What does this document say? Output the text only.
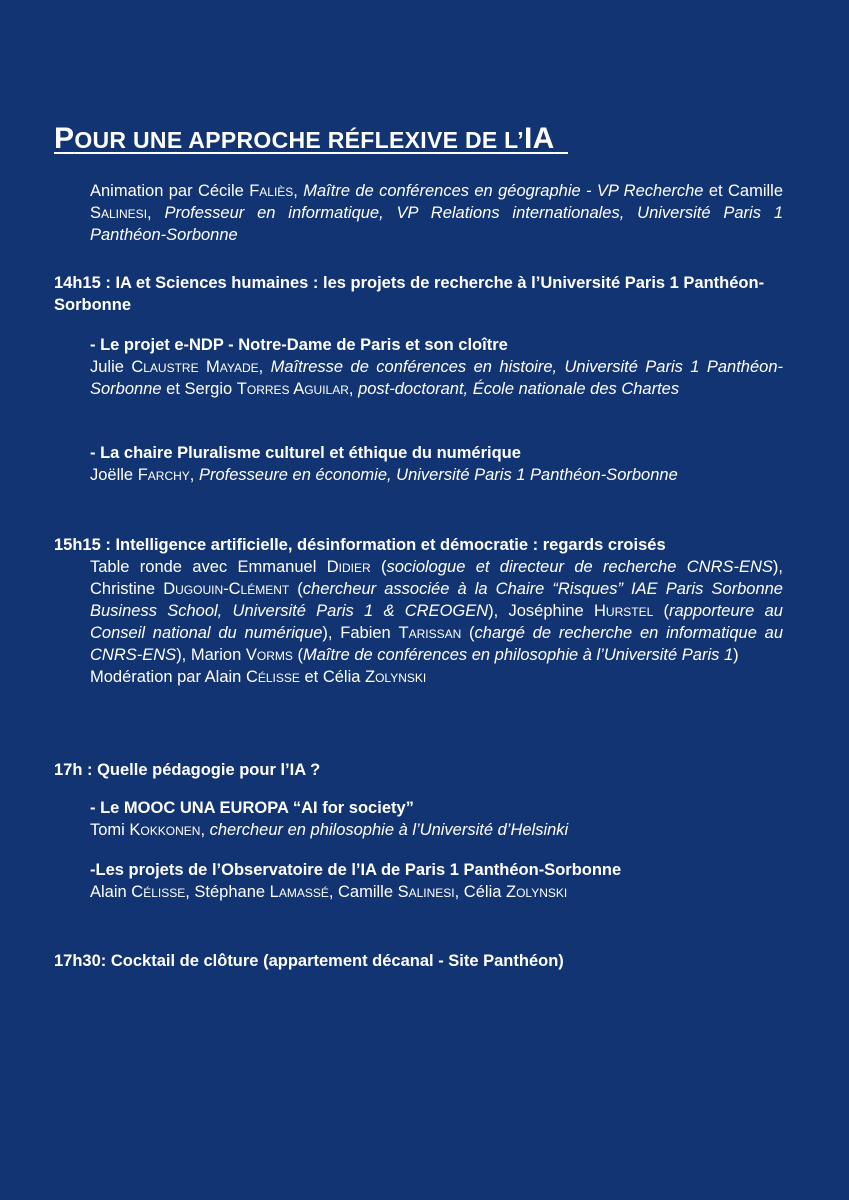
POUR UNE APPROCHE RÉFLEXIVE DE L’IA
Animation par Cécile Faliès, Maître de conférences en géographie - VP Recherche et Camille Salinesi, Professeur en informatique, VP Relations internationales, Université Paris 1 Panthéon-Sorbonne
14h15 : IA et Sciences humaines : les projets de recherche à l’Université Paris 1 Panthéon-Sorbonne
- Le projet e-NDP - Notre-Dame de Paris et son cloître
Julie Claustre Mayade, Maîtresse de conférences en histoire, Université Paris 1 Panthéon-Sorbonne et Sergio Torres Aguilar, post-doctorant, École nationale des Chartes
- La chaire Pluralisme culturel et éthique du numérique
Joëlle Farchy, Professeure en économie, Université Paris 1 Panthéon-Sorbonne
15h15 : Intelligence artificielle, désinformation et démocratie : regards croisés
Table ronde avec Emmanuel Didier (sociologue et directeur de recherche CNRS-ENS), Christine Dugouin-Clément (chercheur associée à la Chaire “Risques” IAE Paris Sorbonne Business School, Université Paris 1 & CREOGEN), Joséphine Hurstel (rapporteure au Conseil national du numérique), Fabien Tarissan (chargé de recherche en informatique au CNRS-ENS), Marion Vorms (Maître de conférences en philosophie à l’Université Paris 1)
Modération par Alain Célisse et Célia Zolynski
17h : Quelle pédagogie pour l’IA ?
- Le MOOC UNA EUROPA “AI for society”
Tomi Kokkonen, chercheur en philosophie à l’Université d’Helsinki
-Les projets de l’Observatoire de l’IA de Paris 1 Panthéon-Sorbonne
Alain Célisse, Stéphane Lamassé, Camille Salinesi, Célia Zolynski
17h30: Cocktail de clôture (appartement décanal - Site Panthéon)
